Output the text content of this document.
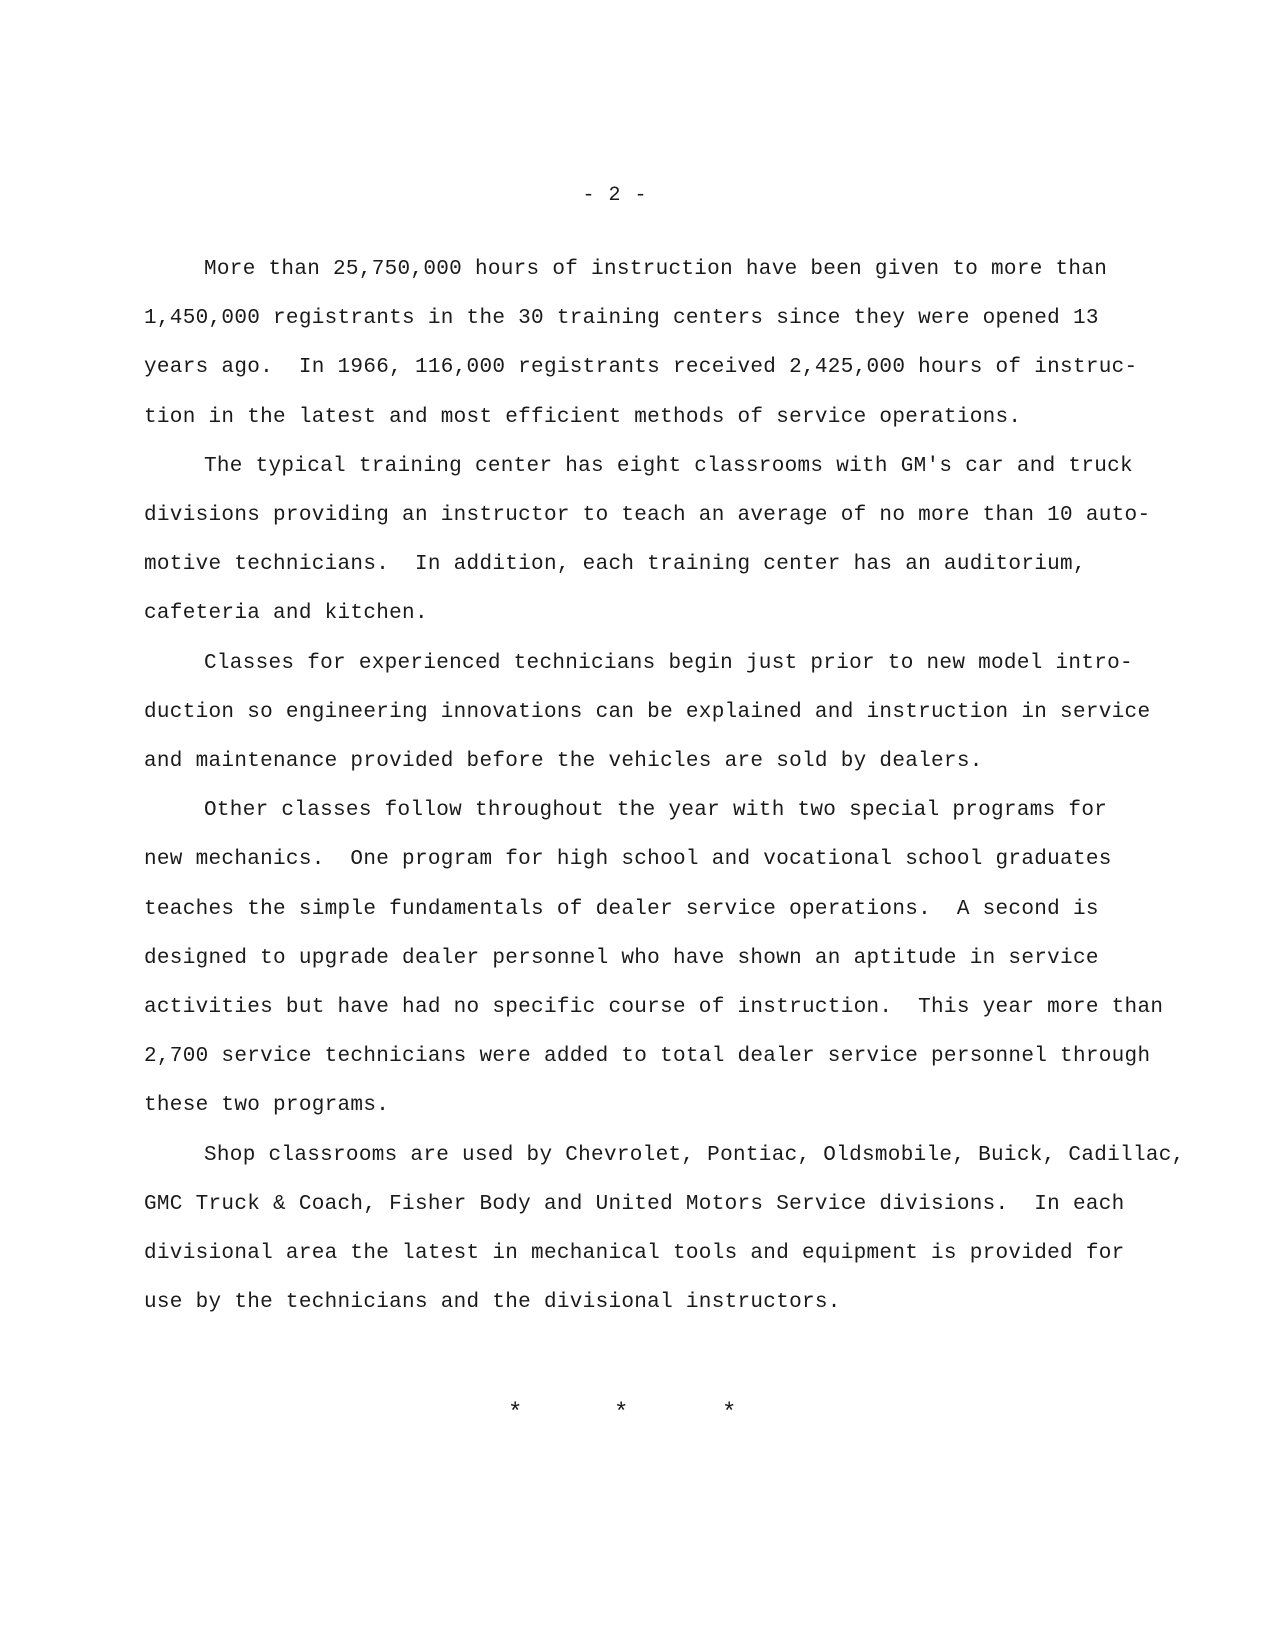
- 2 -
More than 25,750,000 hours of instruction have been given to more than
1,450,000 registrants in the 30 training centers since they were opened 13
years ago.  In 1966, 116,000 registrants received 2,425,000 hours of instruc-
tion in the latest and most efficient methods of service operations.
The typical training center has eight classrooms with GM's car and truck
divisions providing an instructor to teach an average of no more than 10 auto-
motive technicians.  In addition, each training center has an auditorium,
cafeteria and kitchen.
Classes for experienced technicians begin just prior to new model intro-
duction so engineering innovations can be explained and instruction in service
and maintenance provided before the vehicles are sold by dealers.
Other classes follow throughout the year with two special programs for
new mechanics.  One program for high school and vocational school graduates
teaches the simple fundamentals of dealer service operations.  A second is
designed to upgrade dealer personnel who have shown an aptitude in service
activities but have had no specific course of instruction.  This year more than
2,700 service technicians were added to total dealer service personnel through
these two programs.
Shop classrooms are used by Chevrolet, Pontiac, Oldsmobile, Buick, Cadillac,
GMC Truck & Coach, Fisher Body and United Motors Service divisions.  In each
divisional area the latest in mechanical tools and equipment is provided for
use by the technicians and the divisional instructors.
*	*	*
